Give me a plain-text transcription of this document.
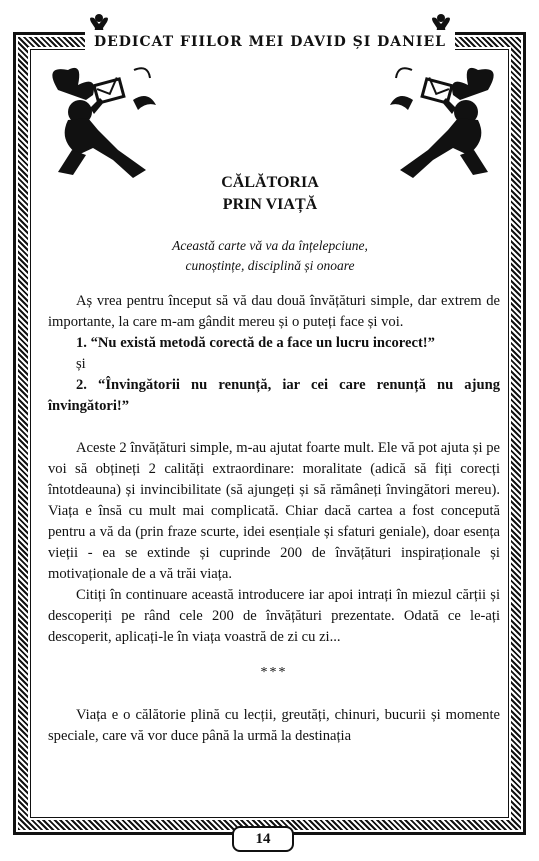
DEDICAT FIILOR MEI DAVID ȘI DANIEL
CĂLĂTORIA
PRIN VIAȚĂ
Această carte vă va da înțelepciune,
cunoștințe, disciplină și onoare

Aș vrea pentru început să vă dau două învățături simple, dar extrem de importante, la care m-am gândit mereu și o puteți face și voi.

1. “Nu există metodă corectă de a face un lucru incorect!”

și

2. “Învingătorii nu renunță, iar cei care renunță nu ajung învingători!”

Aceste 2 învățături simple, m-au ajutat foarte mult. Ele vă pot ajuta și pe voi să obțineți 2 calități extraordinare: moralitate (adică să fiți corecți întotdeauna) și invincibilitate (să ajungeți și să rămâneți învingători mereu). Viața e însă cu mult mai complicată. Chiar dacă cartea a fost concepută pentru a vă da (prin fraze scurte, idei esențiale și sfaturi geniale), doar esența vieții - ea se extinde și cuprinde 200 de învățături inspiraționale și motivaționale de a vă trăi viața.

Citiți în continuare această introducere iar apoi intrați în miezul cărții și descoperiți pe rând cele 200 de învățături prezentate. Odată ce le-ați descoperit, aplicați-le în viața voastră de zi cu zi...

***

Viața e o călătorie plină cu lecții, greutăți, chinuri, bucurii și momente speciale, care vă vor duce până la urmă la destinația

14
